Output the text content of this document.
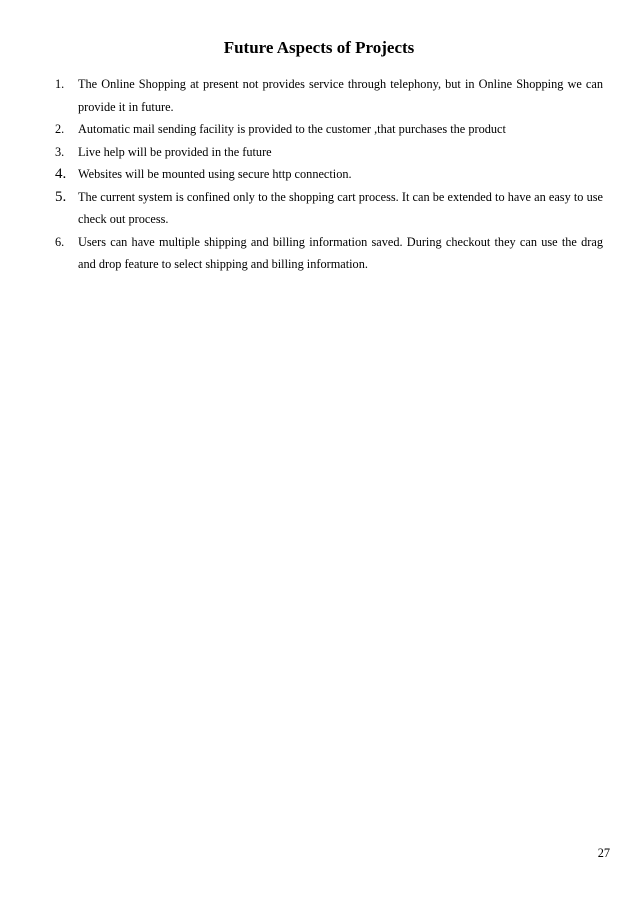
Future Aspects of Projects
1. The Online Shopping at present not provides service through telephony, but in Online Shopping we can provide it in future.
2. Automatic mail sending facility is provided to the customer ,that purchases the product
3. Live help will be provided in the future
4. Websites will be mounted using secure http connection.
5. The current system is confined only to the shopping cart process. It can be extended to have an easy to use check out process.
6. Users can have multiple shipping and billing information saved. During checkout they can use the drag and drop feature to select shipping and billing information.
27
